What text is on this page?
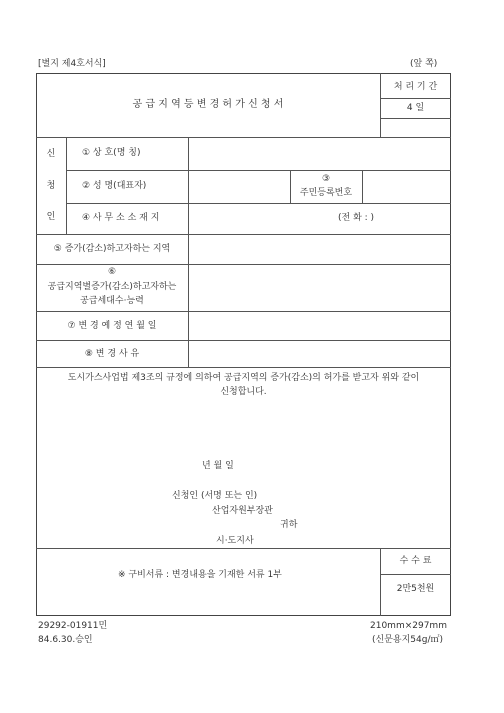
[별지 제4호서식]	(앞 쪽)
공 급 지 역 등 변 경 허 가 신 청 서
처 리 기 간
4 일
신
청
인
① 상 호(명 칭)
② 성 명(대표자)
③
주민등록번호
④ 사 무 소 소 재 지	(전 화 : )
⑤ 증가(감소)하고자하는 지역
⑥
공급지역별증가(감소)하고자하는
공급세대수·능력
⑦ 변 경 예 정 연 월 일
⑧ 변 경 사 유
도시가스사업법 제3조의 규정에 의하여 공급지역의 증가(감소)의 허가를 받고자 위와 같이
신청합니다.
년 월 일
신청인 (서명 또는 인)
산업자원부장관
귀하
시·도지사
※ 구비서류 : 변경내용을 기재한 서류 1부
수 수 료
2만5천원
29292-01911민
84.6.30.승인
210mm×297mm
(신문용지54g/㎡)
